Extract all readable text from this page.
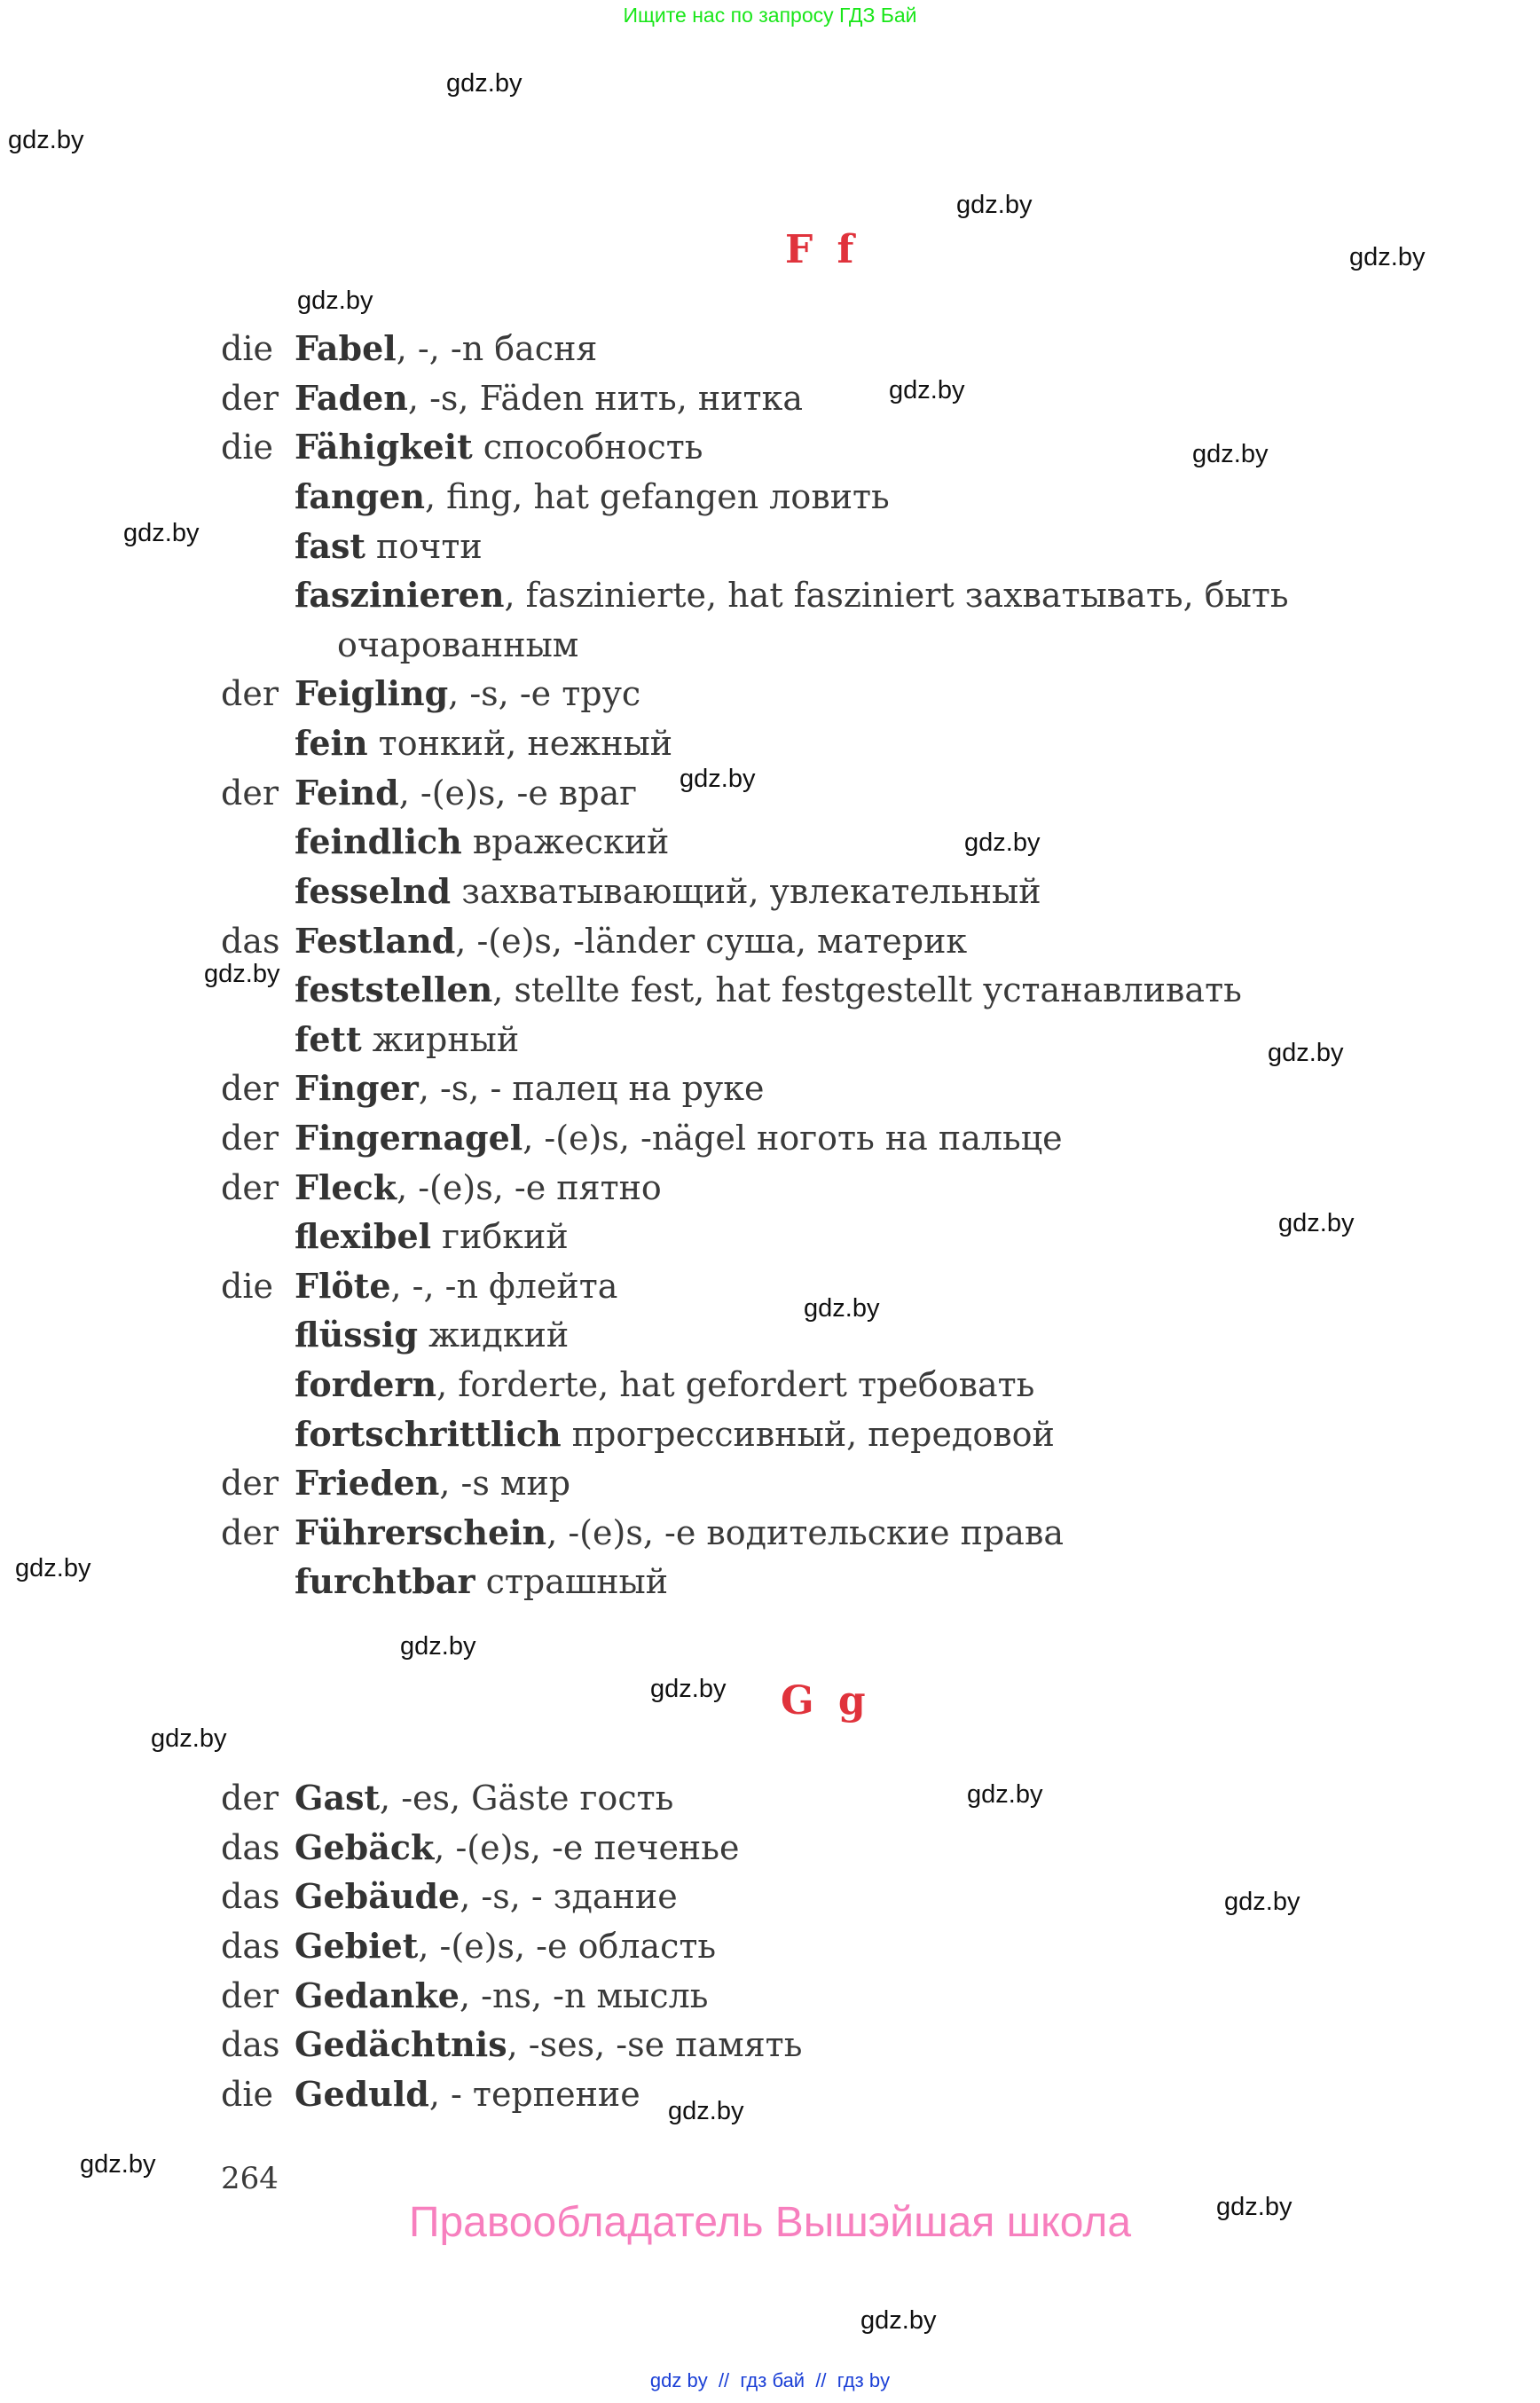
Ищите нас по запросу ГДЗ Бай
F f
die Fabel, -, -n басня
der Faden, -s, Fäden нить, нитка
die Fähigkeit способность
fangen, fing, hat gefangen ловить
fast почти
faszinieren, faszinierte, hat fasziniert захватывать, быть
очарованным
der Feigling, -s, -e трус
fein тонкий, нежный
der Feind, -(e)s, -e враг
feindlich вражеский
fesselnd захватывающий, увлекательный
das Festland, -(e)s, -länder суша, материк
feststellen, stellte fest, hat festgestellt устанавливать
fett жирный
der Finger, -s, - палец на руке
der Fingernagel, -(e)s, -nägel ноготь на пальце
der Fleck, -(e)s, -e пятно
flexibel гибкий
die Flöte, -, -n флейта
flüssig жидкий
fordern, forderte, hat gefordert требовать
fortschrittlich прогрессивный, передовой
der Frieden, -s мир
der Führerschein, -(e)s, -e водительские права
furchtbar страшный
G g
der Gast, -es, Gäste гость
das Gebäck, -(e)s, -e печенье
das Gebäude, -s, - здание
das Gebiet, -(e)s, -e область
der Gedanke, -ns, -n мысль
das Gedächtnis, -ses, -se память
die Geduld, - терпение
gdz.by
gdz.by
gdz.by
gdz.by
gdz.by
gdz.by
gdz.by
gdz.by
gdz.by
gdz.by
gdz.by
gdz.by
gdz.by
gdz.by
gdz.by
gdz.by
gdz.by
gdz.by
gdz.by
gdz.by
gdz.by
gdz.by
gdz.by
gdz.by
264
Правообладатель Вышэйшая школа
gdz by  //  гдз бай  //  гдз by
